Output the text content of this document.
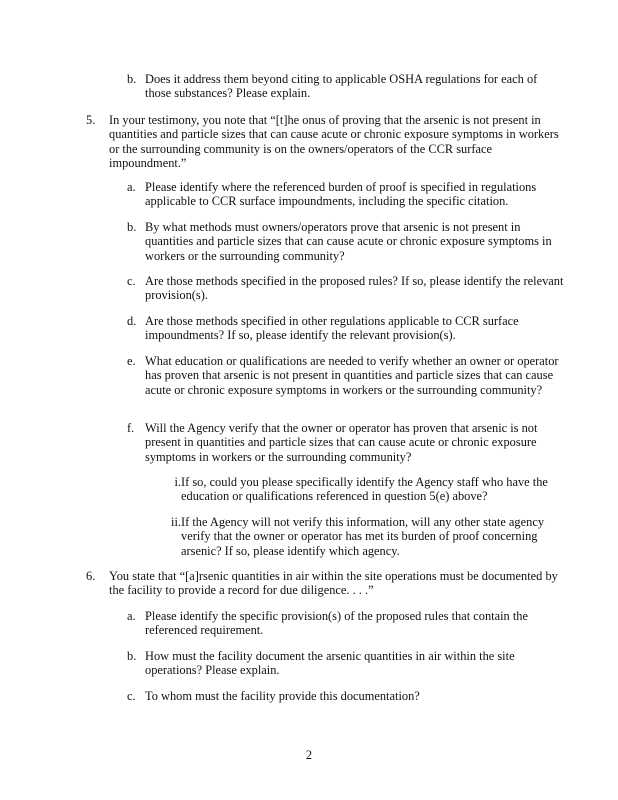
b. Does it address them beyond citing to applicable OSHA regulations for each of those substances? Please explain.
5.	In your testimony, you note that “[t]he onus of proving that the arsenic is not present in quantities and particle sizes that can cause acute or chronic exposure symptoms in workers or the surrounding community is on the owners/operators of the CCR surface impoundment.”
a. Please identify where the referenced burden of proof is specified in regulations applicable to CCR surface impoundments, including the specific citation.
b. By what methods must owners/operators prove that arsenic is not present in quantities and particle sizes that can cause acute or chronic exposure symptoms in workers or the surrounding community?
c. Are those methods specified in the proposed rules? If so, please identify the relevant provision(s).
d. Are those methods specified in other regulations applicable to CCR surface impoundments? If so, please identify the relevant provision(s).
e. What education or qualifications are needed to verify whether an owner or operator has proven that arsenic is not present in quantities and particle sizes that can cause acute or chronic exposure symptoms in workers or the surrounding community?
f. Will the Agency verify that the owner or operator has proven that arsenic is not present in quantities and particle sizes that can cause acute or chronic exposure symptoms in workers or the surrounding community?
i. If so, could you please specifically identify the Agency staff who have the education or qualifications referenced in question 5(e) above?
ii. If the Agency will not verify this information, will any other state agency verify that the owner or operator has met its burden of proof concerning arsenic? If so, please identify which agency.
6.	You state that “[a]rsenic quantities in air within the site operations must be documented by the facility to provide a record for due diligence. . . .”
a. Please identify the specific provision(s) of the proposed rules that contain the referenced requirement.
b. How must the facility document the arsenic quantities in air within the site operations? Please explain.
c. To whom must the facility provide this documentation?
2
